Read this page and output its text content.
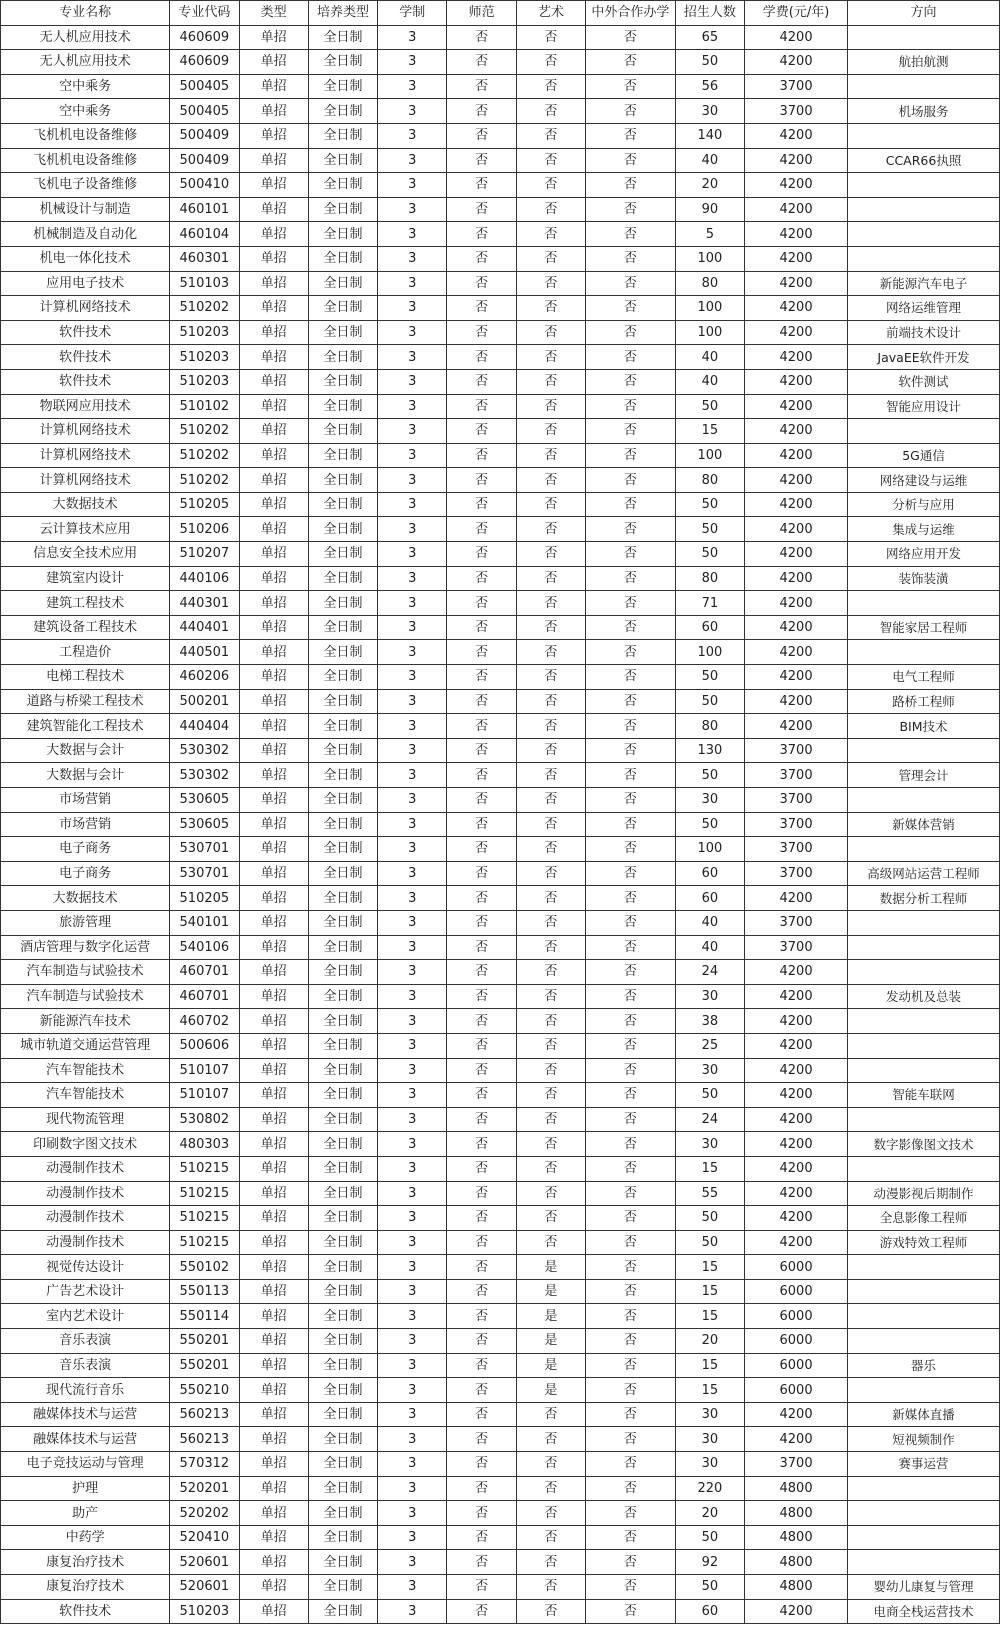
专业名称	专业代码	类型	培养类型	学制	师范	艺术	中外合作办学	招生人数	学费(元/年)	方向
无人机应用技术	460609	单招	全日制	3	否	否	否	65	4200	
无人机应用技术	460609	单招	全日制	3	否	否	否	50	4200	航拍航测
空中乘务	500405	单招	全日制	3	否	否	否	56	3700	
空中乘务	500405	单招	全日制	3	否	否	否	30	3700	机场服务
飞机机电设备维修	500409	单招	全日制	3	否	否	否	140	4200	
飞机机电设备维修	500409	单招	全日制	3	否	否	否	40	4200	CCAR66执照
飞机电子设备维修	500410	单招	全日制	3	否	否	否	20	4200	
机械设计与制造	460101	单招	全日制	3	否	否	否	90	4200	
机械制造及自动化	460104	单招	全日制	3	否	否	否	5	4200	
机电一体化技术	460301	单招	全日制	3	否	否	否	100	4200	
应用电子技术	510103	单招	全日制	3	否	否	否	80	4200	新能源汽车电子
计算机网络技术	510202	单招	全日制	3	否	否	否	100	4200	网络运维管理
软件技术	510203	单招	全日制	3	否	否	否	100	4200	前端技术设计
软件技术	510203	单招	全日制	3	否	否	否	40	4200	JavaEE软件开发
软件技术	510203	单招	全日制	3	否	否	否	40	4200	软件测试
物联网应用技术	510102	单招	全日制	3	否	否	否	50	4200	智能应用设计
计算机网络技术	510202	单招	全日制	3	否	否	否	15	4200	
计算机网络技术	510202	单招	全日制	3	否	否	否	100	4200	5G通信
计算机网络技术	510202	单招	全日制	3	否	否	否	80	4200	网络建设与运维
大数据技术	510205	单招	全日制	3	否	否	否	50	4200	分析与应用
云计算技术应用	510206	单招	全日制	3	否	否	否	50	4200	集成与运维
信息安全技术应用	510207	单招	全日制	3	否	否	否	50	4200	网络应用开发
建筑室内设计	440106	单招	全日制	3	否	否	否	80	4200	装饰装潢
建筑工程技术	440301	单招	全日制	3	否	否	否	71	4200	
建筑设备工程技术	440401	单招	全日制	3	否	否	否	60	4200	智能家居工程师
工程造价	440501	单招	全日制	3	否	否	否	100	4200	
电梯工程技术	460206	单招	全日制	3	否	否	否	50	4200	电气工程师
道路与桥梁工程技术	500201	单招	全日制	3	否	否	否	50	4200	路桥工程师
建筑智能化工程技术	440404	单招	全日制	3	否	否	否	80	4200	BIM技术
大数据与会计	530302	单招	全日制	3	否	否	否	130	3700	
大数据与会计	530302	单招	全日制	3	否	否	否	50	3700	管理会计
市场营销	530605	单招	全日制	3	否	否	否	30	3700	
市场营销	530605	单招	全日制	3	否	否	否	50	3700	新媒体营销
电子商务	530701	单招	全日制	3	否	否	否	100	3700	
电子商务	530701	单招	全日制	3	否	否	否	60	3700	高级网站运营工程师
大数据技术	510205	单招	全日制	3	否	否	否	60	4200	数据分析工程师
旅游管理	540101	单招	全日制	3	否	否	否	40	3700	
酒店管理与数字化运营	540106	单招	全日制	3	否	否	否	40	3700	
汽车制造与试验技术	460701	单招	全日制	3	否	否	否	24	4200	
汽车制造与试验技术	460701	单招	全日制	3	否	否	否	30	4200	发动机及总装
新能源汽车技术	460702	单招	全日制	3	否	否	否	38	4200	
城市轨道交通运营管理	500606	单招	全日制	3	否	否	否	25	4200	
汽车智能技术	510107	单招	全日制	3	否	否	否	30	4200	
汽车智能技术	510107	单招	全日制	3	否	否	否	50	4200	智能车联网
现代物流管理	530802	单招	全日制	3	否	否	否	24	4200	
印刷数字图文技术	480303	单招	全日制	3	否	否	否	30	4200	数字影像图文技术
动漫制作技术	510215	单招	全日制	3	否	否	否	15	4200	
动漫制作技术	510215	单招	全日制	3	否	否	否	55	4200	动漫影视后期制作
动漫制作技术	510215	单招	全日制	3	否	否	否	50	4200	全息影像工程师
动漫制作技术	510215	单招	全日制	3	否	否	否	50	4200	游戏特效工程师
视觉传达设计	550102	单招	全日制	3	否	是	否	15	6000	
广告艺术设计	550113	单招	全日制	3	否	是	否	15	6000	
室内艺术设计	550114	单招	全日制	3	否	是	否	15	6000	
音乐表演	550201	单招	全日制	3	否	是	否	20	6000	
音乐表演	550201	单招	全日制	3	否	是	否	15	6000	器乐
现代流行音乐	550210	单招	全日制	3	否	是	否	15	6000	
融媒体技术与运营	560213	单招	全日制	3	否	否	否	30	4200	新媒体直播
融媒体技术与运营	560213	单招	全日制	3	否	否	否	30	4200	短视频制作
电子竞技运动与管理	570312	单招	全日制	3	否	否	否	30	3700	赛事运营
护理	520201	单招	全日制	3	否	否	否	220	4800	
助产	520202	单招	全日制	3	否	否	否	20	4800	
中药学	520410	单招	全日制	3	否	否	否	50	4800	
康复治疗技术	520601	单招	全日制	3	否	否	否	92	4800	
康复治疗技术	520601	单招	全日制	3	否	否	否	50	4800	婴幼儿康复与管理
软件技术	510203	单招	全日制	3	否	否	否	60	4200	电商全栈运营技术
